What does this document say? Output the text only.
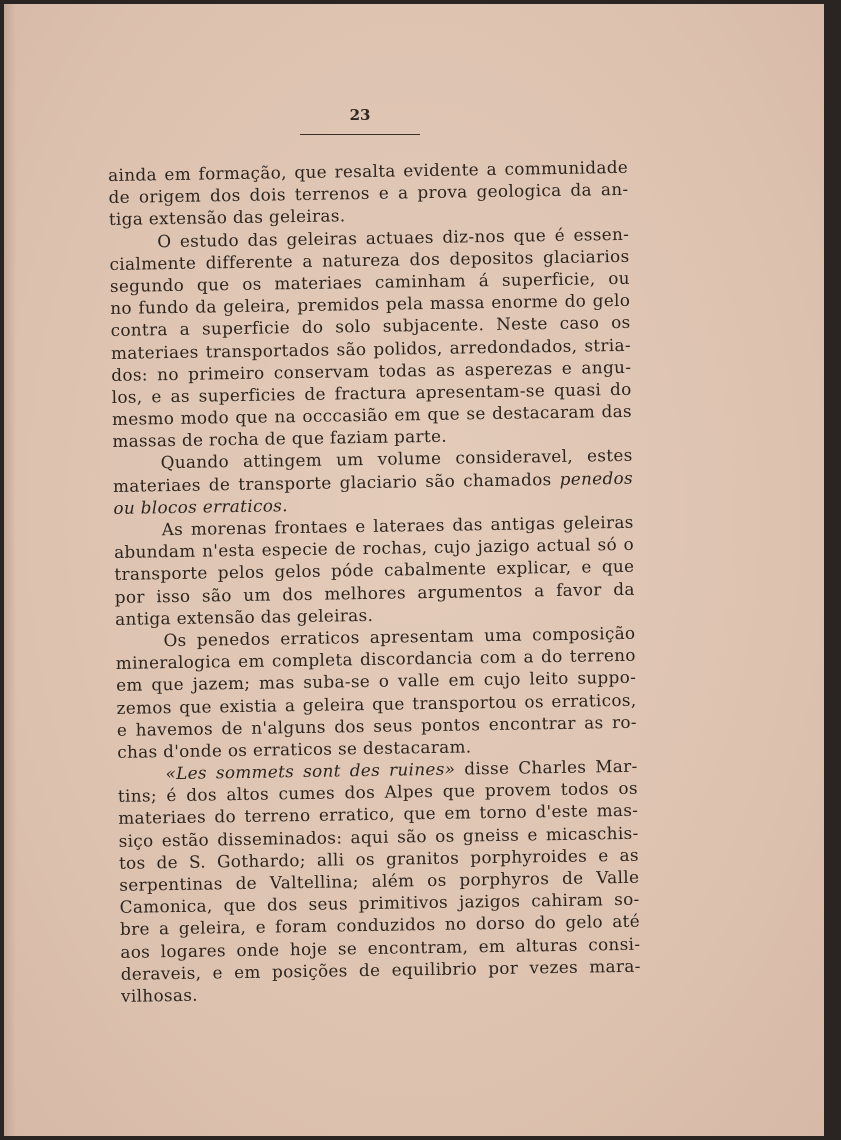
23
ainda em formação, que resalta evidente a communidade
de origem dos dois terrenos e a prova geologica da an-
tiga extensão das geleiras.
O estudo das geleiras actuaes diz-nos que é essen-
cialmente differente a natureza dos depositos glaciarios
segundo que os materiaes caminham á superficie, ou
no fundo da geleira, premidos pela massa enorme do gelo
contra a superficie do solo subjacente. Neste caso os
materiaes transportados são polidos, arredondados, stria-
dos: no primeiro conservam todas as asperezas e angu-
los, e as superficies de fractura apresentam-se quasi do
mesmo modo que na occcasião em que se destacaram das
massas de rocha de que faziam parte.
Quando attingem um volume consideravel, estes
materiaes de transporte glaciario são chamados penedos
ou blocos erraticos.
As morenas frontaes e lateraes das antigas geleiras
abundam n'esta especie de rochas, cujo jazigo actual só o
transporte pelos gelos póde cabalmente explicar, e que
por isso são um dos melhores argumentos a favor da
antiga extensão das geleiras.
Os penedos erraticos apresentam uma composição
mineralogica em completa discordancia com a do terreno
em que jazem; mas suba-se o valle em cujo leito suppo-
zemos que existia a geleira que transportou os erraticos,
e havemos de n'alguns dos seus pontos encontrar as ro-
chas d'onde os erraticos se destacaram.
«Les sommets sont des ruines» disse Charles Mar-
tins; é dos altos cumes dos Alpes que provem todos os
materiaes do terreno erratico, que em torno d'este mas-
siço estão disseminados: aqui são os gneiss e micaschis-
tos de S. Gothardo; alli os granitos porphyroides e as
serpentinas de Valtellina; além os porphyros de Valle
Camonica, que dos seus primitivos jazigos cahiram so-
bre a geleira, e foram conduzidos no dorso do gelo até
aos logares onde hoje se encontram, em alturas consi-
deraveis, e em posições de equilibrio por vezes mara-
vilhosas.
